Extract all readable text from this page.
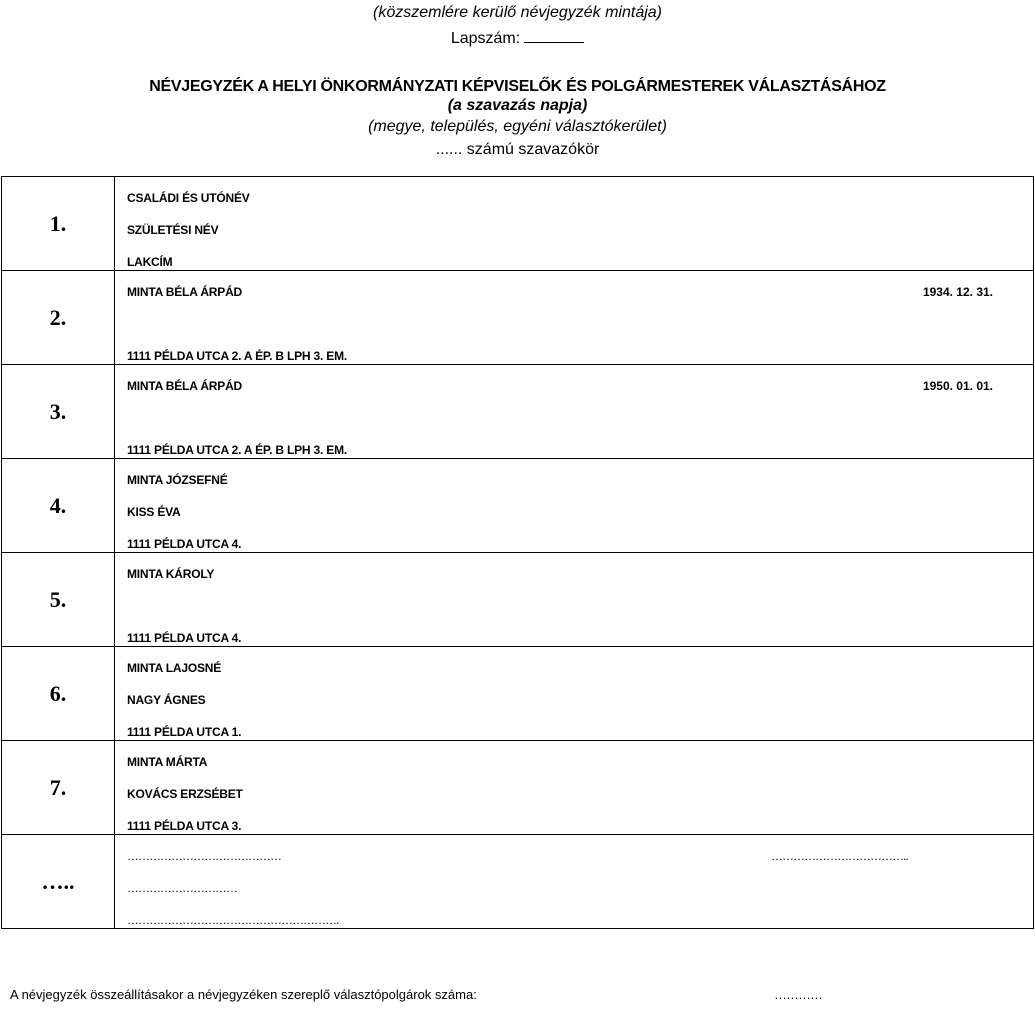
(közszemlére kerülő névjegyzék mintája)
Lapszám:
NÉVJEGYZÉK A HELYI ÖNKORMÁNYZATI KÉPVISELŐK ÉS POLGÁRMESTEREK VÁLASZTÁSÁHOZ
(a szavazás napja)
(megye, település, egyéni választókerület)
...... számú szavazókör
1.	CSALÁDI ÉS UTÓNÉV
SZÜLETÉSI NÉV
LAKCÍM

2.	MINTA BÉLA ÁRPÁD 1934. 12. 31.
1111 PÉLDA UTCA 2. A ÉP. B LPH 3. EM.

3.	MINTA BÉLA ÁRPÁD 1950. 01. 01.
1111 PÉLDA UTCA 2. A ÉP. B LPH 3. EM.

4.	MINTA JÓZSEFNÉ
KISS ÉVA
1111 PÉLDA UTCA 4.

5.	MINTA KÁROLY
1111 PÉLDA UTCA 4.

6.	MINTA LAJOSNÉ
NAGY ÁGNES
1111 PÉLDA UTCA 1.

7.	MINTA MÁRTA
KOVÁCS ERZSÉBET
1111 PÉLDA UTCA 3.

…..	…………………………………… ………………………………..
…………………………
………………………………………………….
A névjegyzék összeállításakor a névjegyzéken szereplő választópolgárok száma:	…………
